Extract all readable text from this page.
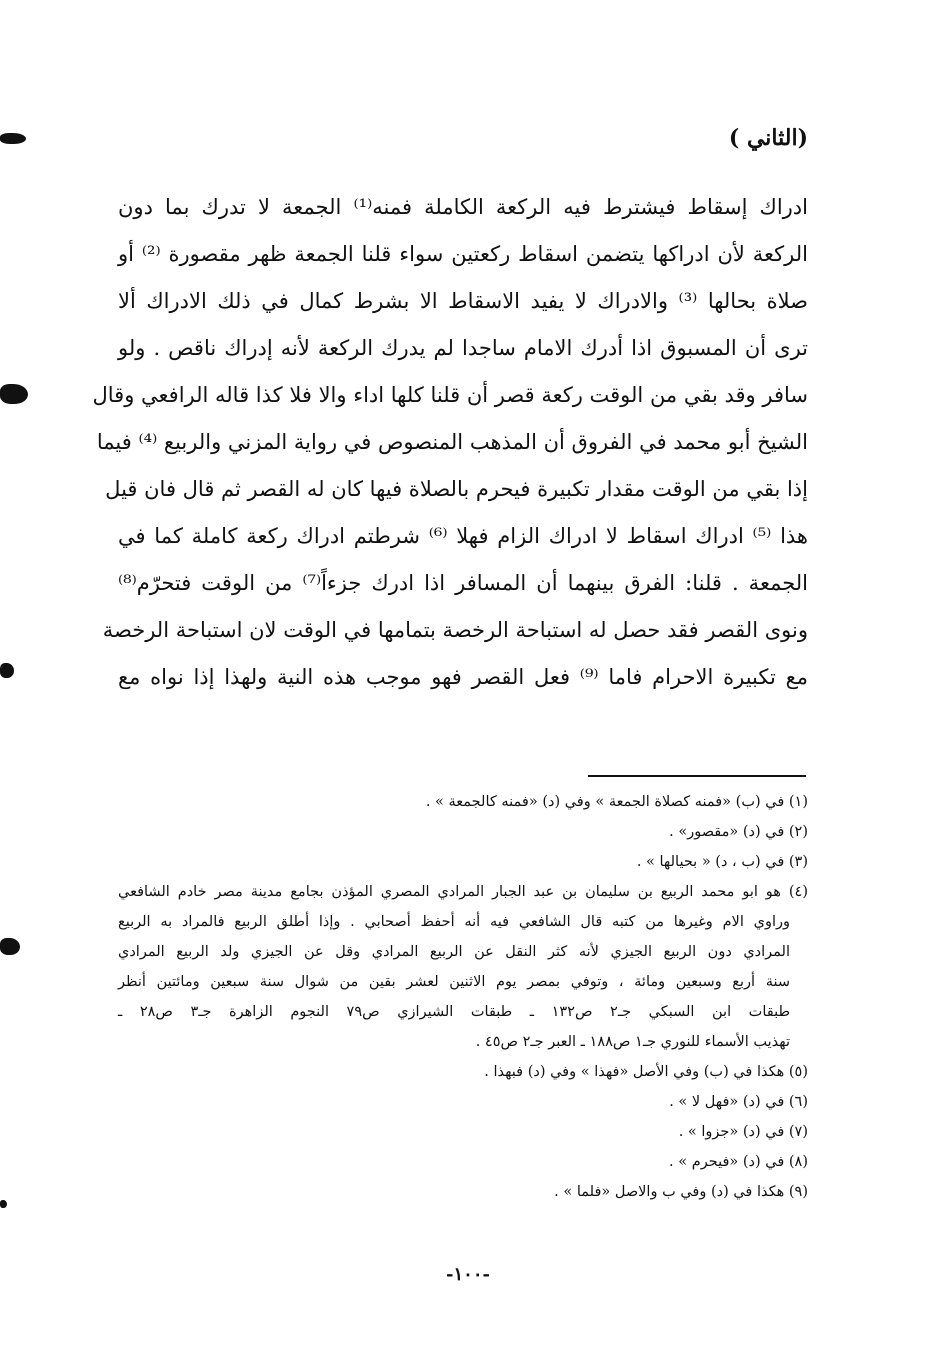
(الثاني )
ادراك إسقاط فيشترط فيه الركعة الكاملة فمنه⁽¹⁾ الجمعة لا تدرك بما دون
الركعة لأن ادراكها يتضمن اسقاط ركعتين سواء قلنا الجمعة ظهر مقصورة ⁽²⁾ أو
صلاة بحالها ⁽³⁾ والادراك لا يفيد الاسقاط الا بشرط كمال في ذلك الادراك ألا
ترى أن المسبوق اذا أدرك الامام ساجدا لم يدرك الركعة لأنه إدراك ناقص . ولو
سافر وقد بقي من الوقت ركعة قصر أن قلنا كلها اداء والا فلا كذا قاله الرافعي وقال
الشيخ أبو محمد في الفروق أن المذهب المنصوص في رواية المزني والربيع ⁽⁴⁾ فيما
إذا بقي من الوقت مقدار تكبيرة فيحرم بالصلاة فيها كان له القصر ثم قال فان قيل
هذا ⁽⁵⁾ ادراك اسقاط لا ادراك الزام فهلا ⁽⁶⁾ شرطتم ادراك ركعة كاملة كما في
الجمعة . قلنا: الفرق بينهما أن المسافر اذا ادرك جزءاً⁽⁷⁾ من الوقت فتحرّم⁽⁸⁾
ونوى القصر فقد حصل له استباحة الرخصة بتمامها في الوقت لان استباحة الرخصة
مع تكبيرة الاحرام فاما ⁽⁹⁾ فعل القصر فهو موجب هذه النية ولهذا إذا نواه مع
(١) في (ب) «فمنه كصلاة الجمعة » وفي (د) «فمنه كالجمعة » .
(٢) في (د) «مقصور» .
(٣) في (ب ، د) « بحيالها » .
(٤) هو ابو محمد الربيع بن سليمان بن عبد الجبار المرادي المصري المؤذن بجامع مدينة مصر خادم الشافعي
وراوي الام وغيرها من كتبه قال الشافعي فيه أنه أحفظ أصحابي . وإذا أطلق الربيع فالمراد به الربيع
المرادي دون الربيع الجيزي لأنه كثر النقل عن الربيع المرادي وقل عن الجيزي ولد الربيع المرادي
سنة أربع وسبعين ومائة ، وتوفي بمصر يوم الاثنين لعشر بقين من شوال سنة سبعين ومائتين أنظر
طبقات ابن السبكي جـ٢ ص١٣٢ ـ طبقات الشيرازي ص٧٩ النجوم الزاهرة جـ٣ ص٢٨ ـ
تهذيب الأسماء للنوري جـ١ ص١٨٨ ـ العبر جـ٢ ص٤٥ .
(٥) هكذا في (ب) وفي الأصل «فهذا » وفي (د) فبهذا .
(٦) في (د) «فهل لا » .
(٧) في (د) «جزوا » .
(٨) في (د) «فيحرم » .
(٩) هكذا في (د) وفي ب والاصل «فلما » .
-١٠٠-
